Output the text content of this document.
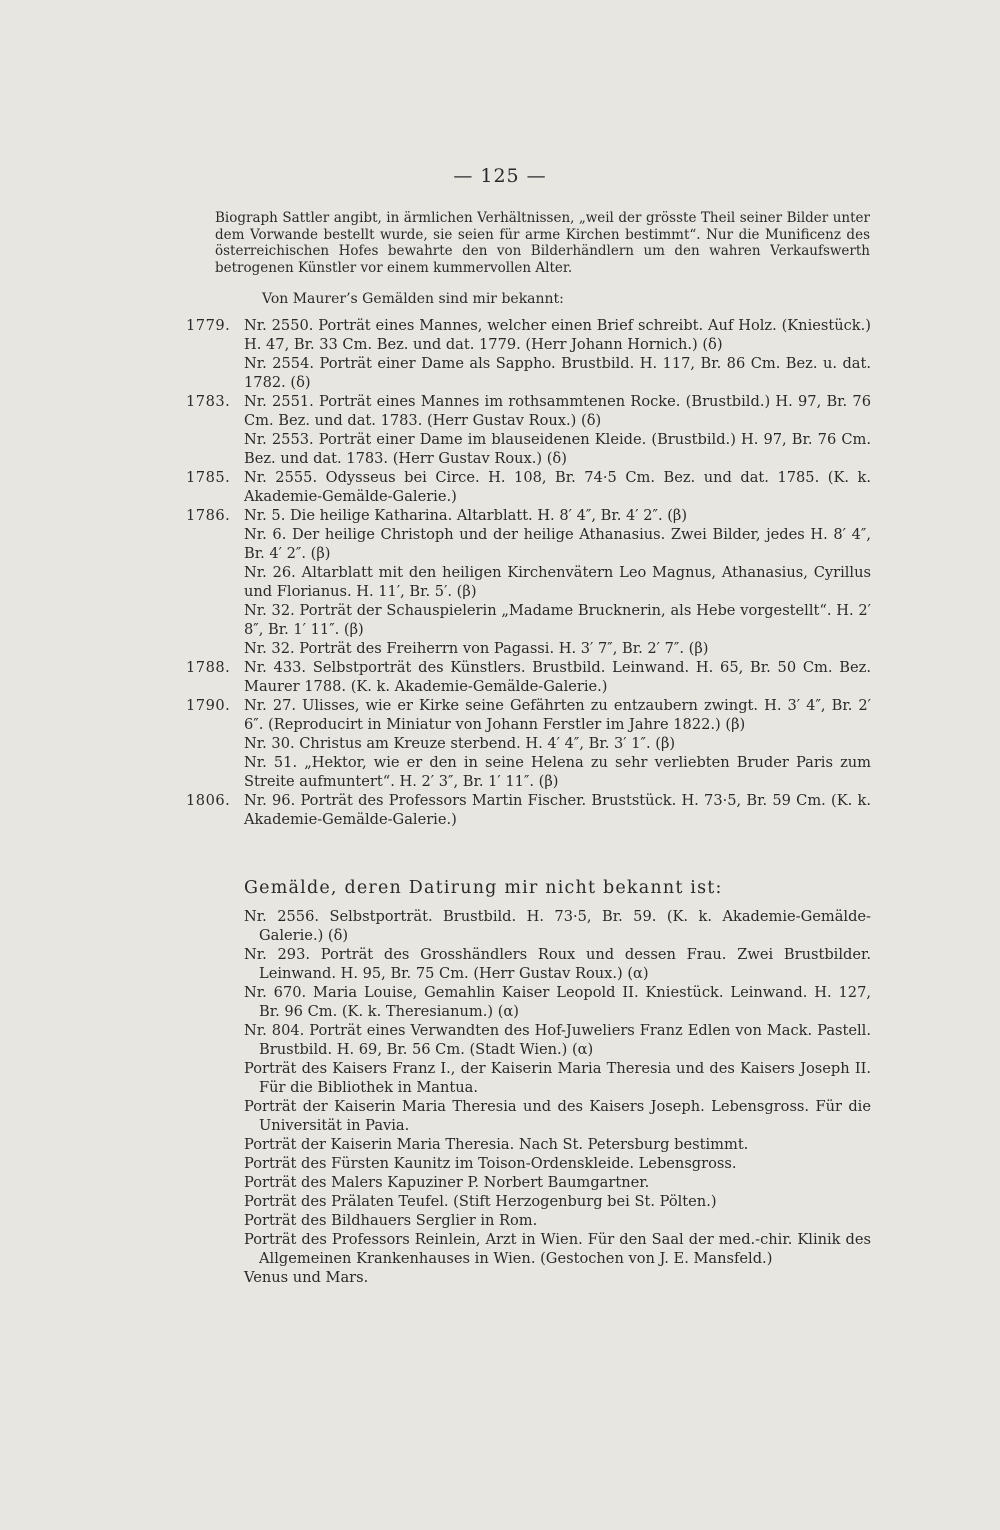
— 125 —

Biograph Sattler angibt, in ärmlichen Verhältnissen, „weil der grösste Theil seiner Bilder unter dem Vorwande bestellt wurde, sie seien für arme Kirchen bestimmt“. Nur die Munificenz des österreichischen Hofes bewahrte den von Bilderhändlern um den wahren Verkaufswerth betrogenen Künstler vor einem kummervollen Alter.

Von Maurer’s Gemälden sind mir bekannt:

1779. Nr. 2550. Porträt eines Mannes, welcher einen Brief schreibt. Auf Holz. (Kniestück.) H. 47, Br. 33 Cm. Bez. und dat. 1779. (Herr Johann Hornich.) (δ)
Nr. 2554. Porträt einer Dame als Sappho. Brustbild. H. 117, Br. 86 Cm. Bez. u. dat. 1782. (δ)
1783. Nr. 2551. Porträt eines Mannes im rothsammtenen Rocke. (Brustbild.) H. 97, Br. 76 Cm. Bez. und dat. 1783. (Herr Gustav Roux.) (δ)
Nr. 2553. Porträt einer Dame im blauseidenen Kleide. (Brustbild.) H. 97, Br. 76 Cm. Bez. und dat. 1783. (Herr Gustav Roux.) (δ)
1785. Nr. 2555. Odysseus bei Circe. H. 108, Br. 74·5 Cm. Bez. und dat. 1785. (K. k. Akademie-Gemälde-Galerie.)
1786. Nr. 5. Die heilige Katharina. Altarblatt. H. 8′ 4″, Br. 4′ 2″. (β)
Nr. 6. Der heilige Christoph und der heilige Athanasius. Zwei Bilder, jedes H. 8′ 4″, Br. 4′ 2″. (β)
Nr. 26. Altarblatt mit den heiligen Kirchenvätern Leo Magnus, Athanasius, Cyrillus und Florianus. H. 11′, Br. 5′. (β)
Nr. 32. Porträt der Schauspielerin „Madame Brucknerin, als Hebe vorgestellt“. H. 2′ 8″, Br. 1′ 11″. (β)
Nr. 32. Porträt des Freiherrn von Pagassi. H. 3′ 7″, Br. 2′ 7″. (β)
1788. Nr. 433. Selbstporträt des Künstlers. Brustbild. Leinwand. H. 65, Br. 50 Cm. Bez. Maurer 1788. (K. k. Akademie-Gemälde-Galerie.)
1790. Nr. 27. Ulisses, wie er Kirke seine Gefährten zu entzaubern zwingt. H. 3′ 4″, Br. 2′ 6″. (Reproducirt in Miniatur von Johann Ferstler im Jahre 1822.) (β)
Nr. 30. Christus am Kreuze sterbend. H. 4′ 4″, Br. 3′ 1″. (β)
Nr. 51. „Hektor, wie er den in seine Helena zu sehr verliebten Bruder Paris zum Streite aufmuntert“. H. 2′ 3″, Br. 1′ 11″. (β)
1806. Nr. 96. Porträt des Professors Martin Fischer. Bruststück. H. 73·5, Br. 59 Cm. (K. k. Akademie-Gemälde-Galerie.)
Gemälde, deren Datirung mir nicht bekannt ist:
Nr. 2556. Selbstporträt. Brustbild. H. 73·5, Br. 59. (K. k. Akademie-Gemälde-Galerie.) (δ)
Nr. 293. Porträt des Grosshändlers Roux und dessen Frau. Zwei Brustbilder. Leinwand. H. 95, Br. 75 Cm. (Herr Gustav Roux.) (α)
Nr. 670. Maria Louise, Gemahlin Kaiser Leopold II. Kniestück. Leinwand. H. 127, Br. 96 Cm. (K. k. Theresianum.) (α)
Nr. 804. Porträt eines Verwandten des Hof-Juweliers Franz Edlen von Mack. Pastell. Brustbild. H. 69, Br. 56 Cm. (Stadt Wien.) (α)
Porträt des Kaisers Franz I., der Kaiserin Maria Theresia und des Kaisers Joseph II. Für die Bibliothek in Mantua.
Porträt der Kaiserin Maria Theresia und des Kaisers Joseph. Lebensgross. Für die Universität in Pavia.
Porträt der Kaiserin Maria Theresia. Nach St. Petersburg bestimmt.
Porträt des Fürsten Kaunitz im Toison-Ordenskleide. Lebensgross.
Porträt des Malers Kapuziner P. Norbert Baumgartner.
Porträt des Prälaten Teufel. (Stift Herzogenburg bei St. Pölten.)
Porträt des Bildhauers Serglier in Rom.
Porträt des Professors Reinlein, Arzt in Wien. Für den Saal der med.-chir. Klinik des Allgemeinen Krankenhauses in Wien. (Gestochen von J. E. Mansfeld.)
Venus und Mars.
